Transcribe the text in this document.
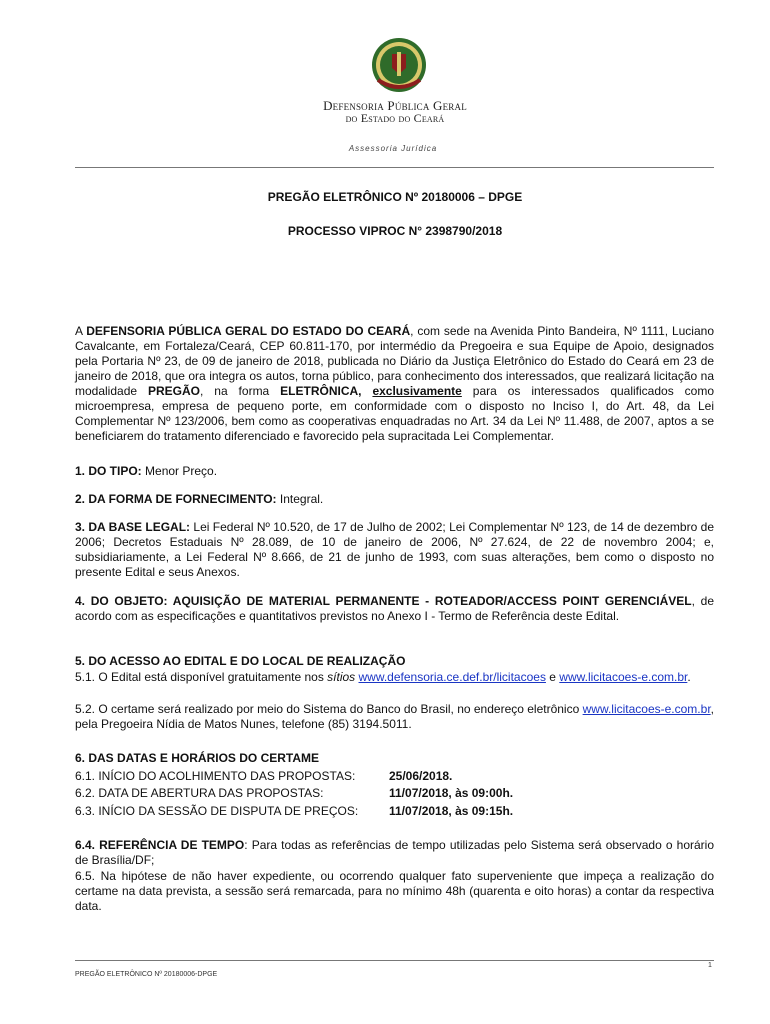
Defensoria Pública Geral
do Estado do Ceará
Assessoria Jurídica
PREGÃO ELETRÔNICO Nº 20180006 – DPGE
PROCESSO VIPROC N° 2398790/2018
A DEFENSORIA PÚBLICA GERAL DO ESTADO DO CEARÁ, com sede na Avenida Pinto Bandeira, Nº 1111, Luciano Cavalcante, em Fortaleza/Ceará, CEP 60.811-170, por intermédio da Pregoeira e sua Equipe de Apoio, designados pela Portaria Nº 23, de 09 de janeiro de 2018, publicada no Diário da Justiça Eletrônico do Estado do Ceará em 23 de janeiro de 2018, que ora integra os autos, torna público, para conhecimento dos interessados, que realizará licitação na modalidade PREGÃO, na forma ELETRÔNICA, exclusivamente para os interessados qualificados como microempresa, empresa de pequeno porte, em conformidade com o disposto no Inciso I, do Art. 48, da Lei Complementar Nº 123/2006, bem como as cooperativas enquadradas no Art. 34 da Lei Nº 11.488, de 2007, aptos a se beneficiarem do tratamento diferenciado e favorecido pela supracitada Lei Complementar.
1. DO TIPO: Menor Preço.
2. DA FORMA DE FORNECIMENTO: Integral.
3. DA BASE LEGAL: Lei Federal Nº 10.520, de 17 de Julho de 2002; Lei Complementar Nº 123, de 14 de dezembro de 2006; Decretos Estaduais Nº 28.089, de 10 de janeiro de 2006, Nº 27.624, de 22 de novembro 2004; e, subsidiariamente, a Lei Federal Nº 8.666, de 21 de junho de 1993, com suas alterações, bem como o disposto no presente Edital e seus Anexos.
4. DO OBJETO: AQUISIÇÃO DE MATERIAL PERMANENTE - ROTEADOR/ACCESS POINT GERENCIÁVEL, de acordo com as especificações e quantitativos previstos no Anexo I - Termo de Referência deste Edital.
5. DO ACESSO AO EDITAL E DO LOCAL DE REALIZAÇÃO
5.1. O Edital está disponível gratuitamente nos sítios www.defensoria.ce.def.br/licitacoes e www.licitacoes-e.com.br.
5.2. O certame será realizado por meio do Sistema do Banco do Brasil, no endereço eletrônico www.licitacoes-e.com.br, pela Pregoeira Nídia de Matos Nunes, telefone (85) 3194.5011.
6. DAS DATAS E HORÁRIOS DO CERTAME
6.1. INÍCIO DO ACOLHIMENTO DAS PROPOSTAS:	25/06/2018.
6.2. DATA DE ABERTURA DAS PROPOSTAS:	11/07/2018, às 09:00h.
6.3. INÍCIO DA SESSÃO DE DISPUTA DE PREÇOS:	11/07/2018, às 09:15h.
6.4. REFERÊNCIA DE TEMPO: Para todas as referências de tempo utilizadas pelo Sistema será observado o horário de Brasília/DF;
6.5. Na hipótese de não haver expediente, ou ocorrendo qualquer fato superveniente que impeça a realização do certame na data prevista, a sessão será remarcada, para no mínimo 48h (quarenta e oito horas) a contar da respectiva data.
1
PREGÃO ELETRÔNICO Nº 20180006-DPGE
